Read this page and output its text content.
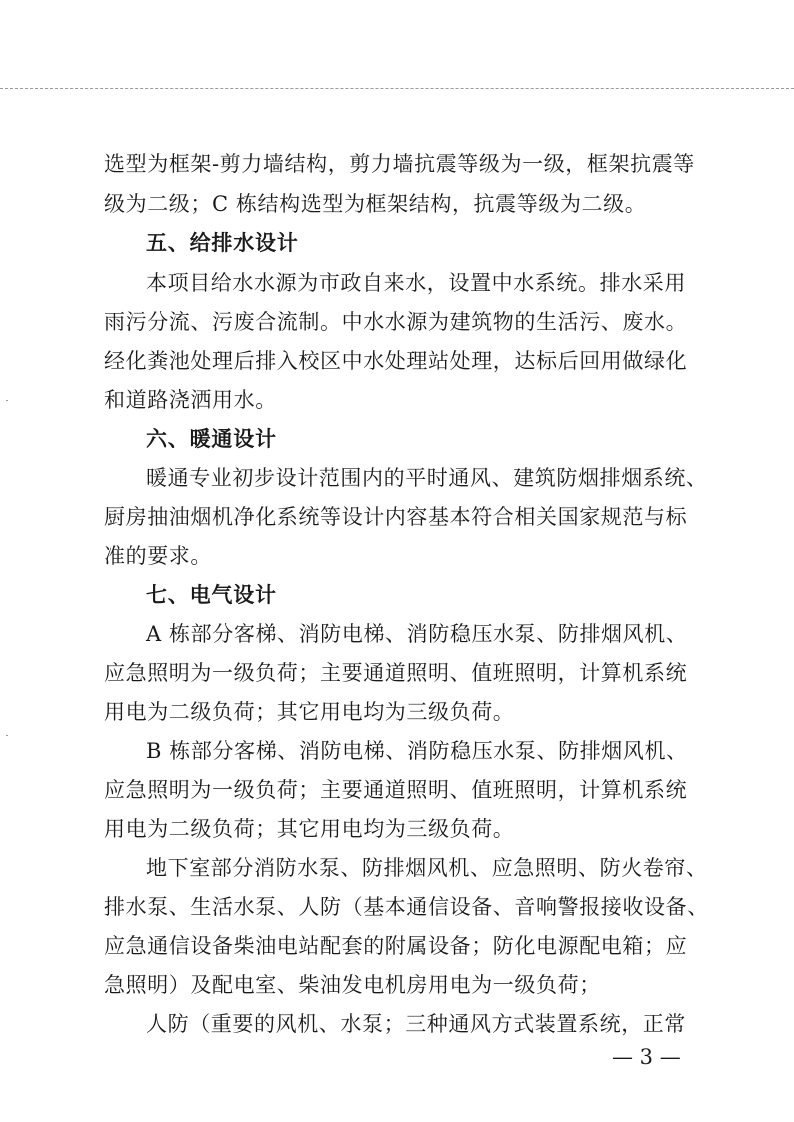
选型为框架-剪力墙结构，剪力墙抗震等级为一级，框架抗震等
级为二级；C 栋结构选型为框架结构，抗震等级为二级。
五、给排水设计
本项目给水水源为市政自来水，设置中水系统。排水采用
雨污分流、污废合流制。中水水源为建筑物的生活污、废水。
经化粪池处理后排入校区中水处理站处理，达标后回用做绿化
和道路浇洒用水。
六、暖通设计
暖通专业初步设计范围内的平时通风、建筑防烟排烟系统、
厨房抽油烟机净化系统等设计内容基本符合相关国家规范与标
准的要求。
七、电气设计
A 栋部分客梯、消防电梯、消防稳压水泵、防排烟风机、
应急照明为一级负荷；主要通道照明、值班照明，计算机系统
用电为二级负荷；其它用电均为三级负荷。
B 栋部分客梯、消防电梯、消防稳压水泵、防排烟风机、
应急照明为一级负荷；主要通道照明、值班照明，计算机系统
用电为二级负荷；其它用电均为三级负荷。
地下室部分消防水泵、防排烟风机、应急照明、防火卷帘、
排水泵、生活水泵、人防（基本通信设备、音响警报接收设备、
应急通信设备柴油电站配套的附属设备；防化电源配电箱；应
急照明）及配电室、柴油发电机房用电为一级负荷；
人防（重要的风机、水泵；三种通风方式装置系统，正常
— 3 —
